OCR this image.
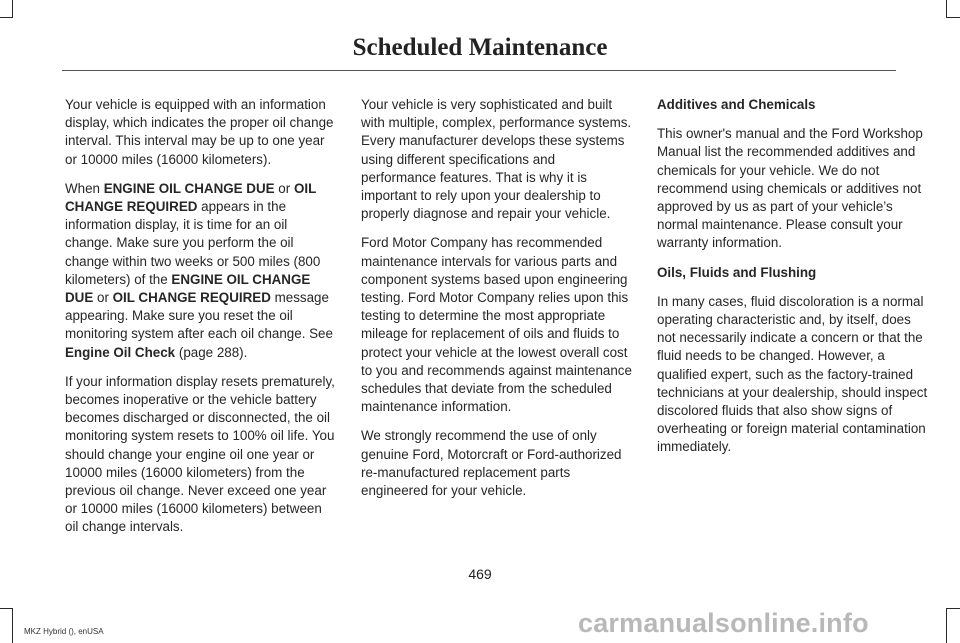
Scheduled Maintenance

Your vehicle is equipped with an information display, which indicates the proper oil change interval. This interval may be up to one year or 10000 miles (16000 kilometers).

When ENGINE OIL CHANGE DUE or OIL CHANGE REQUIRED appears in the information display, it is time for an oil change. Make sure you perform the oil change within two weeks or 500 miles (800 kilometers) of the ENGINE OIL CHANGE DUE or OIL CHANGE REQUIRED message appearing. Make sure you reset the oil monitoring system after each oil change. See Engine Oil Check (page 288).

If your information display resets prematurely, becomes inoperative or the vehicle battery becomes discharged or disconnected, the oil monitoring system resets to 100% oil life. You should change your engine oil one year or 10000 miles (16000 kilometers) from the previous oil change. Never exceed one year or 10000 miles (16000 kilometers) between oil change intervals.

Your vehicle is very sophisticated and built with multiple, complex, performance systems. Every manufacturer develops these systems using different specifications and performance features. That is why it is important to rely upon your dealership to properly diagnose and repair your vehicle.

Ford Motor Company has recommended maintenance intervals for various parts and component systems based upon engineering testing. Ford Motor Company relies upon this testing to determine the most appropriate mileage for replacement of oils and fluids to protect your vehicle at the lowest overall cost to you and recommends against maintenance schedules that deviate from the scheduled maintenance information.

We strongly recommend the use of only genuine Ford, Motorcraft or Ford-authorized re-manufactured replacement parts engineered for your vehicle.

Additives and Chemicals

This owner's manual and the Ford Workshop Manual list the recommended additives and chemicals for your vehicle. We do not recommend using chemicals or additives not approved by us as part of your vehicle’s normal maintenance. Please consult your warranty information.

Oils, Fluids and Flushing

In many cases, fluid discoloration is a normal operating characteristic and, by itself, does not necessarily indicate a concern or that the fluid needs to be changed. However, a qualified expert, such as the factory-trained technicians at your dealership, should inspect discolored fluids that also show signs of overheating or foreign material contamination immediately.

469
MKZ Hybrid (), enUSA	carmanualsonline.info
